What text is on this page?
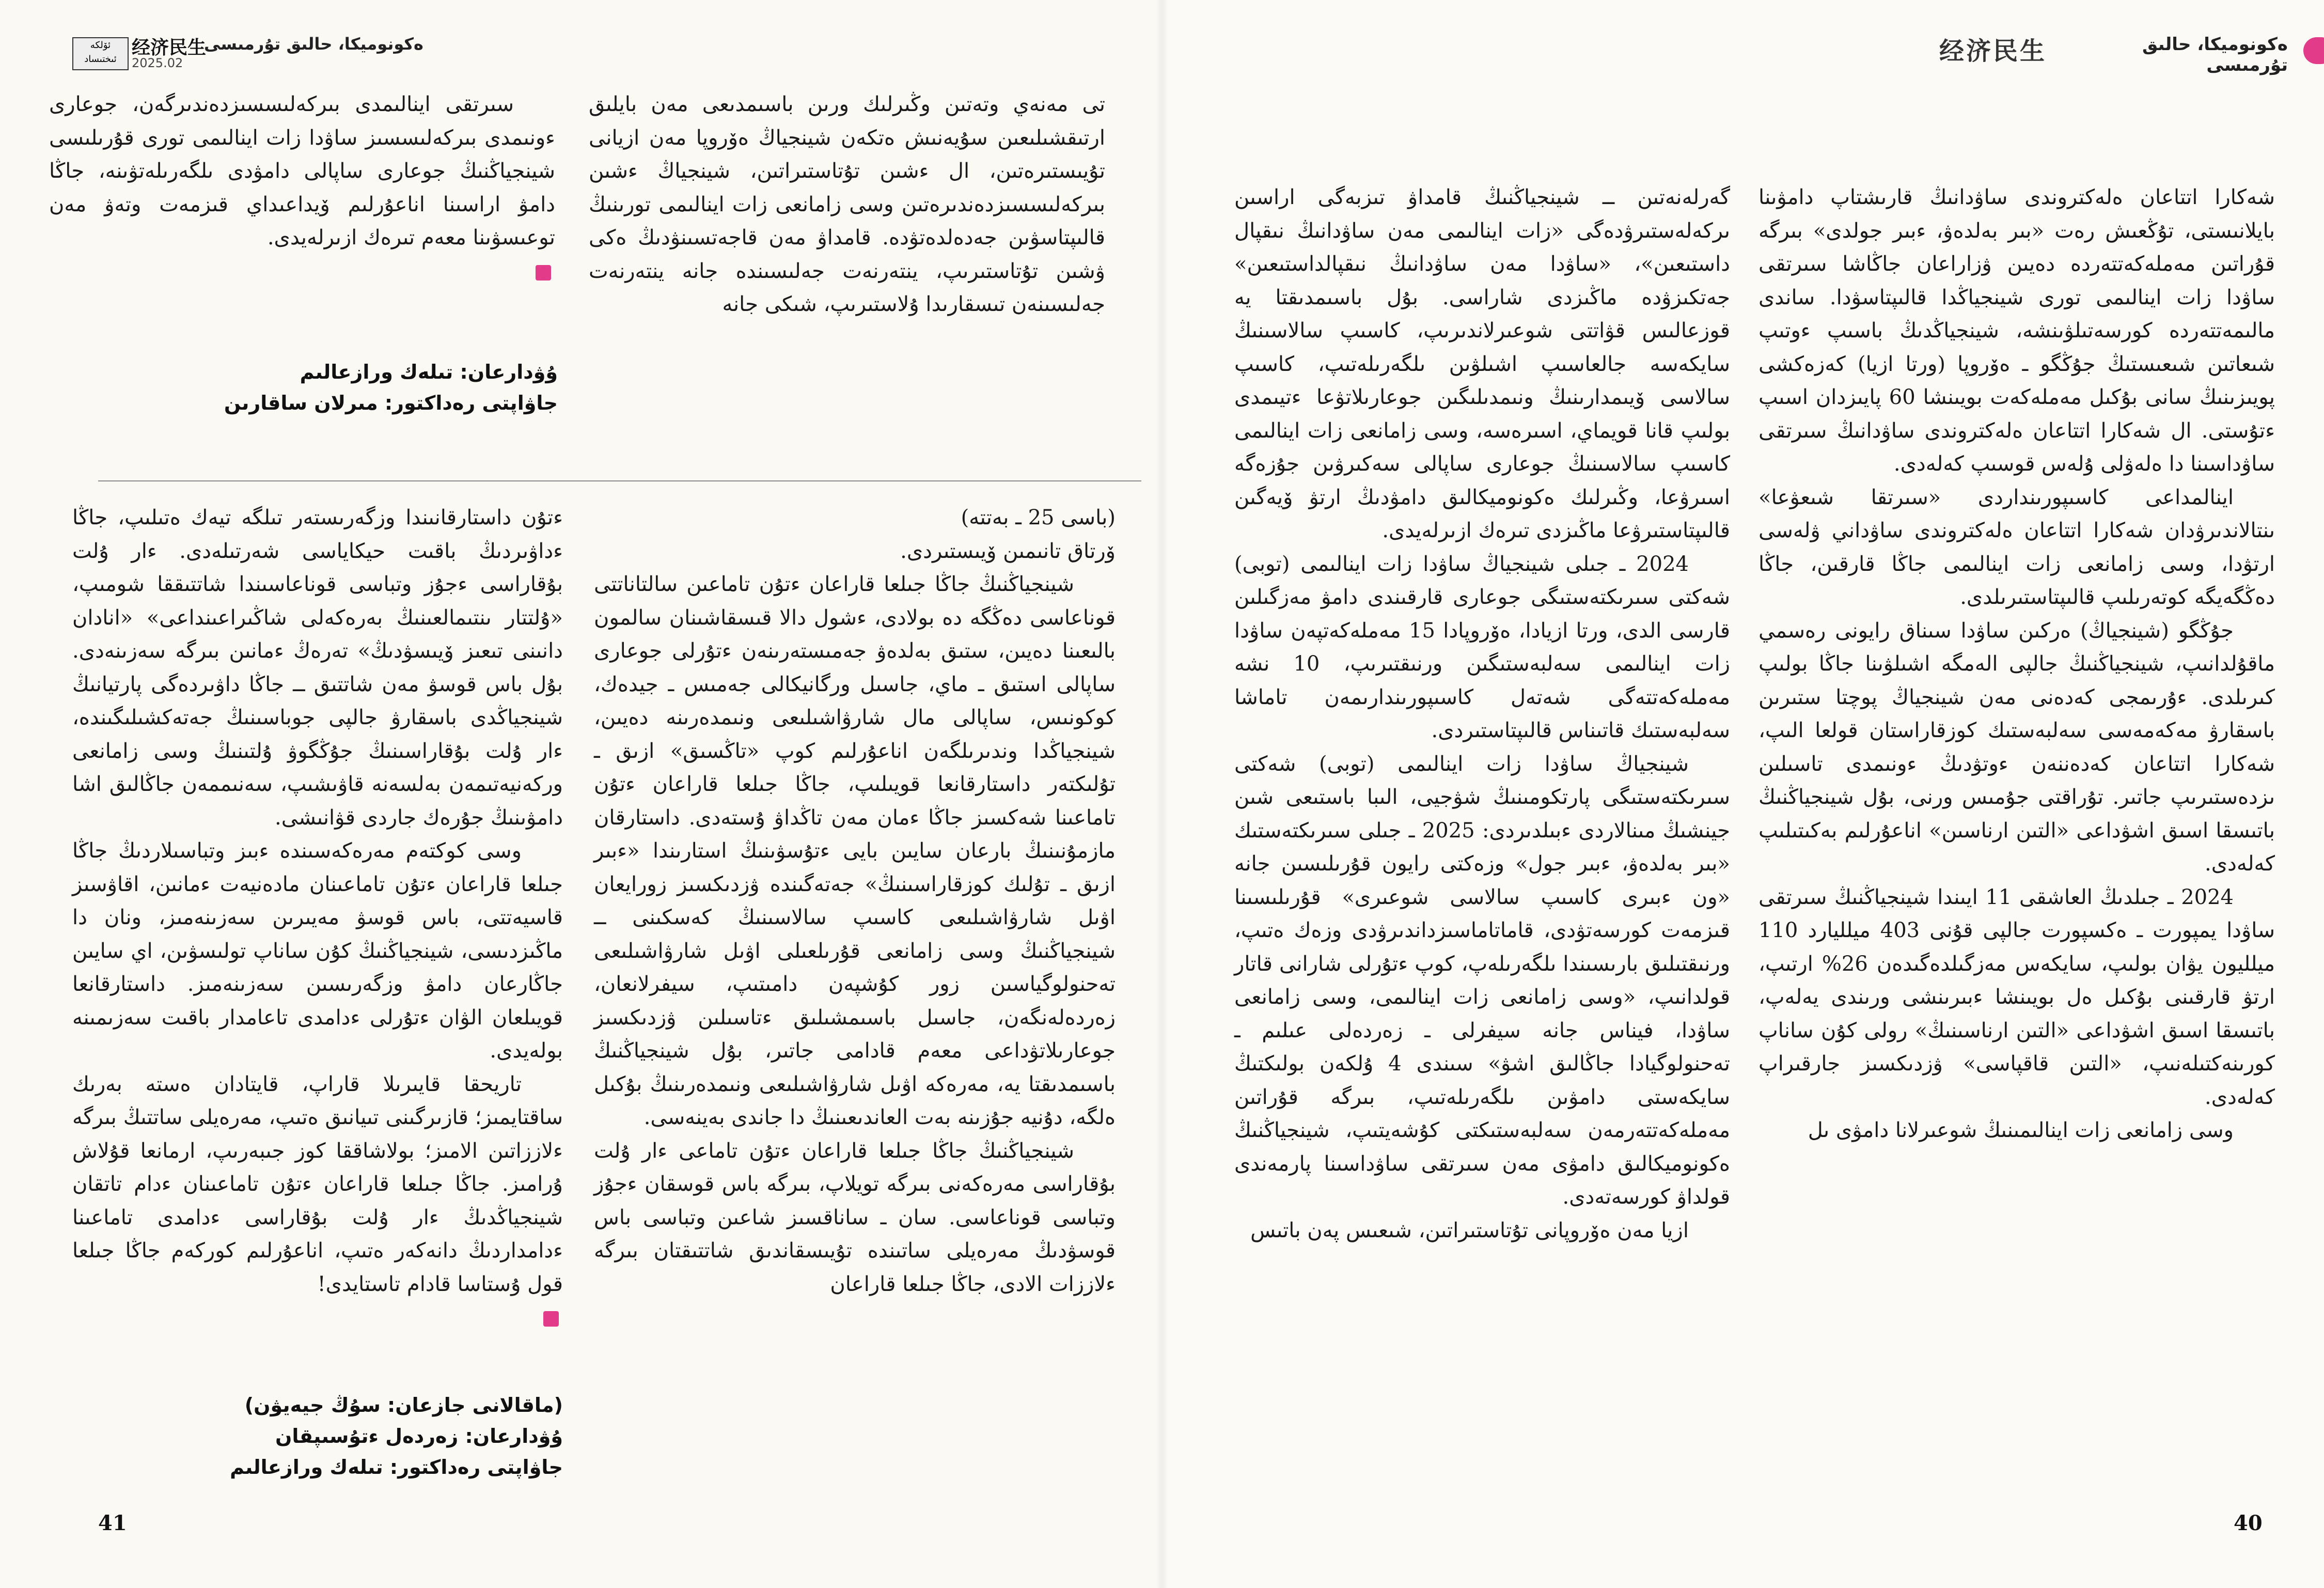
ئۆلكە
ئىختىساد
经济民生
2025.02
ەكونوميكا، حالىق تۇرمىسى

سىرتقى اينالىمدى بىركەلىسسىزدەندىرگەن، جوعارى ءونىمدى بىركەلىسسىز ساۋدا زات اينالىمى تورى قۇرىلىسى شينجياڭنىڭ جوعارى ساپالى دامۋدى ىلگەرىلەتۋىنە، جاڭا دامۋ اراسىنا اناعۇرلىم ۆيداعىداي قىزمەت وتەۋ مەن توعىسۋىنا معەم تىرەك ازىرلەيدى.

ۇۋدارعان: تىلەك ورازعالىم
جاۋاپتى رەداكتور: مىرلان ساقارىن

تى مەنەي وتەتىن وڭىرلىك ورىن باسىمدىعى مەن بايلىق ارتىقشىلىعىن سۇيەنىش ەتكەن شينجياڭ ەۆروپا مەن ازيانى تۇيىستىرەتىن، ال ءشىن تۇتاستىراتىن، شينجياڭ ءشىن بىركەلىسسىزدەندىرەتىن وسى زامانعى زات اينالىمى تورىنىڭ قالىپتاسۋىن جەدەلدەتۋدە. قامداۋ مەن قاجەتسىنۋدىڭ ەكى ۋشىن تۇتاستىرىپ، ينتەرنەت جەلىسىندە جانە ينتەرنەت جەلىسىنەن تىسقارىدا ۇلاستىرىپ، شىكى جانە

(باسى 25 ـ بەتتە)

ۆرتاق تانىمىن ۆيىستىردى.

شينجياڭنىڭ جاڭا جىلعا قاراعان ءتۇن تاماعىن سالتاناتتى قوناعاسى دەڭگە دە بولادى، ءشول دالا قىسقاشىنان سالمون بالىعىنا دەيىن، ستىق بەلدەۋ جەمىستەرىنەن ءتۇرلى جوعارى ساپالى استىق ـ ماي، جاسىل ورگانيكالى جەمىس ـ جيدەك، كوكونىس، ساپالى مال شارۋاشىلىعى ونىمدەرىنە دەيىن، شينجياڭدا وندىرىلگەن اناعۇرلىم كوپ «تاڭسىق» ازىق ـ تۇلىكتەر داستارقانعا قويىلىپ، جاڭا جىلعا قاراعان ءتۇن تاماعىنا شەكسىز جاڭا ءمان مەن تاڭداۋ ۇستەدى. داستارقان مازمۇنىنىڭ بارعان سايىن بايى ءتۇسۋىنىڭ استارىندا «ءبىر ازىق ـ تۇلىك كوزقاراسىنىڭ» جەتەگىندە ۋزدىكسىز زورايعان اۋىل شارۋاشىلىعى كاسىپ سالاسىنىڭ كەسكىنى ــ شينجياڭنىڭ وسى زامانعى قۇرىلعىلى اۋىل شارۋاشىلىعى تەحنولوگياسىن زور كۇشپەن دامىتىپ، سيفرلانعان، زەردەلەنگەن، جاسىل باسىمشىلىق ءتاسىلىن ۋزدىكسىز جوعارىلاتۋداعى معەم قادامى جاتىر، بۇل شينجياڭنىڭ باسىمدىقتا يە، مەرەكە اۋىل شارۋاشىلىعى ونىمدەرىنىڭ بۇكىل ەلگە، دۇنيە جۇزىنە بەت العاندىعىنىڭ دا جاندى بەينەسى.

شينجياڭنىڭ جاڭا جىلعا قاراعان ءتۇن تاماعى ءار ۇلت بۇقاراسى مەرەكەنى بىرگە تويلاپ، بىرگە باس قوسقان ءجۇز وتباسى قوناعاسى. سان ـ ساناقسىز شاعىن وتباسى باس قوسۋدىڭ مەرەيلى ساتىندە تۇيىسقاندىق شاتتىقتان بىرگە ءلاززات الادى، جاڭا جىلعا قاراعان

ءتۇن داستارقانىندا وزگەرىستەر تىلگە تيەك ەتىلىپ، جاڭا ءداۋىردىڭ باقىت حيكاياسى شەرتىلەدى. ءار ۇلت بۇقاراسى ءجۇز وتباسى قوناعاسىندا شاتتىققا شومىپ، «ۇلتتار ىنتىمالعىنىڭ بەرەكەلى شاڭىراعىنداعى» «انادان دانىنى تىعىز ۆيىسۋدىڭ» تەرەڭ ءمانىن بىرگە سەزىنەدى. بۇل باس قوسۋ مەن شاتتىق ــ جاڭا داۋىردەگى پارتيانىڭ شينجياڭدى باسقارۋ جالپى جوباسىنىڭ جەتەكشىلىگىندە، ءار ۇلت بۇقاراسىنىڭ جۇڭگوۋ ۇلتىنىڭ وسى زامانعى وركەنيەتىمەن بەلسەنە قاۋىشىپ، سەنىممەن جاڭالىق اشا دامۋىنىڭ جۇرەك جاردى قۋانىشى.

وسى كوكتەم مەرەكەسىندە ءبىز وتباسىلاردىڭ جاڭا جىلعا قاراعان ءتۇن تاماعىنان مادەنيەت ءمانىن، اقاۋسىز قاسيەتتى، باس قوسۋ مەيىرىن سەزىنەمىز، ونان دا ماڭىزدىسى، شينجياڭنىڭ كۇن ساناپ تولىسۋىن، اي سايىن جاڭارعان دامۋ وزگەرىسىن سەزىنەمىز. داستارقانعا قويىلعان الۋان ءتۇرلى ءدامدى تاعامدار باقىت سەزىمىنە بولەيدى.

تاريحقا قايىرىلا قاراپ، قايتادان ەستە بەرىك ساقتايمىز؛ قازىرگىنى تىيانىق ەتىپ، مەرەيلى ساتتىڭ بىرگە ءلاززاتىن الامىز؛ بولاشاققا كوز جىبەرىپ، ارمانعا قۇلاش ۇرامىز. جاڭا جىلعا قاراعان ءتۇن تاماعىنان ءدام تاتقان شينجياڭدىڭ ءار ۇلت بۇقاراسى ءدامدى تاماعىنا ءدامداردىڭ دانەكەر ەتىپ، اناعۇرلىم كوركەم جاڭا جىلعا قول ۇستاسا قادام تاستايدى!

(ماقالانى جازعان: سۇڭ جيەيۋن)
ۇۋدارعان: زەردەل ءتۇسىپقان
جاۋاپتى رەداكتور: تىلەك ورازعالىم
41
经济民生	ەكونوميكا، حالىق تۇرمىسى

شەكارا اتتاعان ەلەكتروندى ساۋدانىڭ قارىشتاپ دامۋىنا بايلانىستى، تۇڭعىش رەت «بىر بەلدەۋ، ءبىر جولدى» بىرگە قۇراتىن مەملەكەتتەردە دەيىن ۋزاراعان جاڭاشا سىرتقى ساۋدا زات اينالىمى تورى شينجياڭدا قالىپتاسۋدا. ساندى مالىمەتتەردە كورسەتىلۋىنشە، شينجياڭدىڭ باسىپ ءوتىپ شىعاتىن شىعىستىڭ جۇڭگو ـ ەۆروپا (ورتا ازيا) كەزەكشى پويىزىنىڭ سانى بۇكىل مەملەكەت بويىنشا 60 پايىزدان اسىپ ءتۇستى. ال شەكارا اتتاعان ەلەكتروندى ساۋدانىڭ سىرتقى ساۋداسىنا دا ەلەۋلى ۇلەس قوسىپ كەلەدى.

اينالمداعى كاسىپورىنداردى «سىرتقا شىعۋعا» ىنتالاندىرۋدان شەكارا اتتاعان ەلەكتروندى ساۋداني ۋلەسى ارتۋدا، وسى زامانعى زات اينالىمى جاڭا قارقىن، جاڭا دەڭگەيگە كوتەرىلىپ قالىپتاستىرىلدى.

جۇڭگو (شينجياڭ) ەركىن ساۋدا سىناق رايونى رەسمي ماقۇلدانىپ، شينجياڭنىڭ جالپى الەمگە اشىلۋىنا جاڭا بولىپ كىرىلدى. ءۇرىمجى كەدەنى مەن شينجياڭ پوچتا ستىرىن باسقارۋ مەكەمەسى سەلبەستىك كوزقاراستان قولعا الىپ، شەكارا اتتاعان كەدەننەن ءوتۋدىڭ ءونىمدى تاسىلىن ىزدەستىرىپ جاتىر. تۇراقتى جۇمىس ورنى، بۇل شينجياڭنىڭ باتىسقا اسىق اشۋداعى «التىن ارناسىن» اناعۇرلىم بەكىتىلىپ كەلەدى.

2024 ـ جىلدىڭ العاشقى 11 ايىندا شينجياڭنىڭ سىرتقى ساۋدا يمپورت ـ ەكسپورت جالپى قۇنى 403 ميلليارد 110 ميلليون يۋان بولىپ، سايكەس مەزگىلدەگىدەن 26% ارتىپ، ارتۋ قارقىنى بۇكىل ەل بويىنشا ءبىرىنشى ورىندى يەلەپ، باتىسقا اسىق اشۋداعى «التىن ارناسىنىڭ» رولى كۇن ساناپ كورىنەكتىلەنىپ، «التىن قاقپاسى» ۋزدىكسىز جارقىراپ كەلەدى.

وسى زامانعى زات اينالىمىنىڭ شوعىرلانا دامۋى ىل

گەرلەنەتىن ــ شينجياڭنىڭ قامداۋ تىزبەگى اراسىن ىركەلەستىرۋدەگى «زات اينالىمى مەن ساۋدانىڭ نىقپال داستىعىن»، «ساۋدا مەن ساۋدانىڭ نىقپالداستىعىن» جەتكىزۋدە ماڭىزدى شاراسى. بۇل باسىمدىقتا يە قوزعالىس قۋاتتى شوعىرلاندىرىپ، كاسىپ سالاسىنىڭ سايكەسە جالعاسىپ اشىلۋىن ىلگەرىلەتىپ، كاسىپ سالاسى ۆيىمدارىنىڭ ونىمدىلىگىن جوعارىلاتۋعا ءتيىمدى بولىپ قانا قويماي، اسىرەسە، وسى زامانعى زات اينالىمى كاسىپ سالاسىنىڭ جوعارى ساپالى سەكىرۋىن جۇزەگە اسىرۋعا، وڭىرلىك ەكونوميكالىق دامۋدىڭ ارتۋ ۆيەگىن قالىپتاستىرۋعا ماڭىزدى تىرەك ازىرلەيدى.

2024 ـ جىلى شينجياڭ ساۋدا زات اينالىمى (توبى) شەكتى سىرىكتەستىگى جوعارى قارقىندى دامۋ مەزگىلىن قارسى الدى، ورتا ازيادا، ەۆروپادا 15 مەملەكەتپەن ساۋدا زات اينالىمى سەلبەستىگىن ورنىقتىرىپ، 10 نشە مەملەكەتتەگى شەتەل كاسىپورىندارىمەن تاماشا سەلبەستىك قاتىناس قالىپتاستىردى.

شينجياڭ ساۋدا زات اينالىمى (توبى) شەكتى سىرىكتەستىگى پارتكومىنىڭ شۋجيى، الىبا باستىعى شىن جينشىڭ مىنالاردى ءبىلدىردى: 2025 ـ جىلى سىرىكتەستىك «بىر بەلدەۋ، ءبىر جول» وزەكتى رايون قۇرىلىسىن جانە «ون ءبىرى كاسىپ سالاسى شوعىرى» قۇرىلىسىنا قىزمەت كورسەتۋدى، قاماتاماسىزداندىرۋدى وزەك ەتىپ، ورنىقتىلىق بارىسىندا ىلگەرىلەپ، كوپ ءتۇرلى شارانى قاتار قولدانىپ، «وسى زامانعى زات اينالىمى، وسى زامانعى ساۋدا، فيناس جانە سيفرلى ـ زەردەلى عىلىم ـ تەحنولوگيادا جاڭالىق اشۋ» سىندى 4 ۇلكەن بولىكتىڭ سايكەستى دامۋىن ىلگەرىلەتىپ، بىرگە قۇراتىن مەملەكەتتەرمەن سەلبەستىكتى كۇشەيتىپ، شينجياڭنىڭ ەكونوميكالىق دامۋى مەن سىرتقى ساۋداسىنا پارمەندى قولداۋ كورسەتەدى.

ازيا مەن ەۆروپانى تۇتاستىراتىن، شىعىس پەن باتىس

40
